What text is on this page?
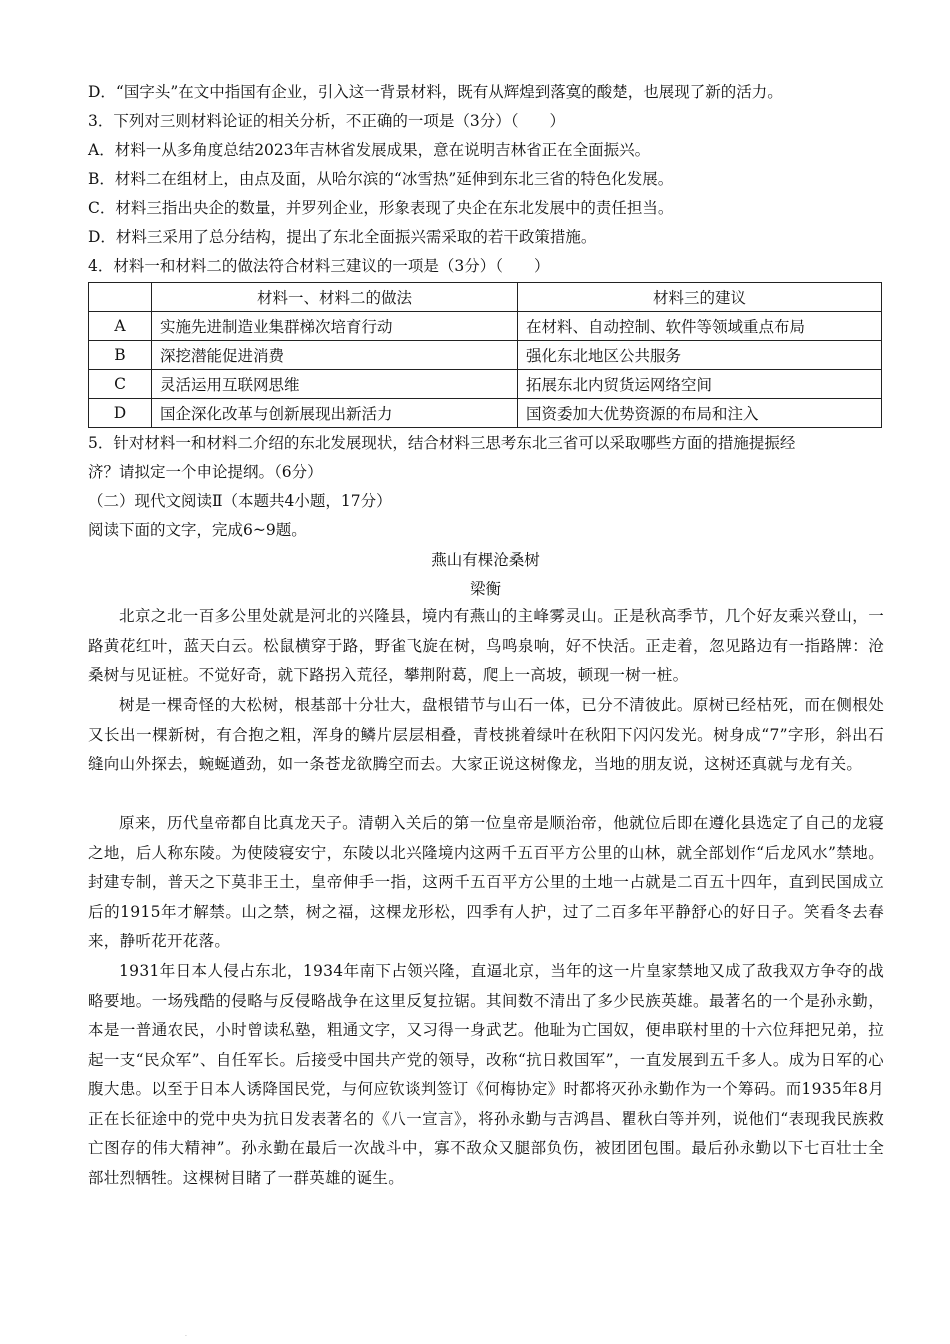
D．“国字头”在文中指国有企业，引入这一背景材料，既有从辉煌到落寞的酸楚，也展现了新的活力。
3．下列对三则材料论证的相关分析，不正确的一项是（3分）（　　）
A．材料一从多角度总结2023年吉林省发展成果，意在说明吉林省正在全面振兴。
B．材料二在组材上，由点及面，从哈尔滨的“冰雪热”延伸到东北三省的特色化发展。
C．材料三指出央企的数量，并罗列企业，形象表现了央企在东北发展中的责任担当。
D．材料三采用了总分结构，提出了东北全面振兴需采取的若干政策措施。
4．材料一和材料二的做法符合材料三建议的一项是（3分）（　　）
	材料一、材料二的做法	材料三的建议
A	实施先进制造业集群梯次培育行动	在材料、自动控制、软件等领域重点布局
B	深挖潜能促进消费	强化东北地区公共服务
C	灵活运用互联网思维	拓展东北内贸货运网络空间
D	国企深化改革与创新展现出新活力	国资委加大优势资源的布局和注入
5．针对材料一和材料二介绍的东北发展现状，结合材料三思考东北三省可以采取哪些方面的措施提振经
济？请拟定一个申论提纲。（6分）
（二）现代文阅读Ⅱ（本题共4小题，17分）
阅读下面的文字，完成6~9题。
燕山有棵沧桑树
梁衡
北京之北一百多公里处就是河北的兴隆县，境内有燕山的主峰雾灵山。正是秋高季节，几个好友乘兴登山，一路黄花红叶，蓝天白云。松鼠横穿于路，野雀飞旋在树，鸟鸣泉响，好不快活。正走着，忽见路边有一指路牌：沧桑树与见证桩。不觉好奇，就下路拐入荒径，攀荆附葛，爬上一高坡，顿现一树一桩。
树是一棵奇怪的大松树，根基部十分壮大，盘根错节与山石一体，已分不清彼此。原树已经枯死，而在侧根处又长出一棵新树，有合抱之粗，浑身的鳞片层层相叠，青枝挑着绿叶在秋阳下闪闪发光。树身成“7”字形，斜出石缝向山外探去，蜿蜒遒劲，如一条苍龙欲腾空而去。大家正说这树像龙，当地的朋友说，这树还真就与龙有关。
原来，历代皇帝都自比真龙天子。清朝入关后的第一位皇帝是顺治帝，他就位后即在遵化县选定了自己的龙寝之地，后人称东陵。为使陵寝安宁，东陵以北兴隆境内这两千五百平方公里的山林，就全部划作“后龙风水”禁地。封建专制，普天之下莫非王土，皇帝伸手一指，这两千五百平方公里的土地一占就是二百五十四年，直到民国成立后的1915年才解禁。山之禁，树之福，这棵龙形松，四季有人护，过了二百多年平静舒心的好日子。笑看冬去春来，静听花开花落。
1931年日本人侵占东北，1934年南下占领兴隆，直逼北京，当年的这一片皇家禁地又成了敌我双方争夺的战略要地。一场残酷的侵略与反侵略战争在这里反复拉锯。其间数不清出了多少民族英雄。最著名的一个是孙永勤，本是一普通农民，小时曾读私塾，粗通文字，又习得一身武艺。他耻为亡国奴，便串联村里的十六位拜把兄弟，拉起一支“民众军”、自任军长。后接受中国共产党的领导，改称“抗日救国军”，一直发展到五千多人。成为日军的心腹大患。以至于日本人诱降国民党，与何应钦谈判签订《何梅协定》时都将灭孙永勤作为一个筹码。而1935年8月正在长征途中的党中央为抗日发表著名的《八一宣言》，将孙永勤与吉鸿昌、瞿秋白等并列，说他们“表现我民族救亡图存的伟大精神”。孙永勤在最后一次战斗中，寡不敌众又腿部负伤，被团团包围。最后孙永勤以下七百壮士全部壮烈牺牲。这棵树目睹了一群英雄的诞生。
.
